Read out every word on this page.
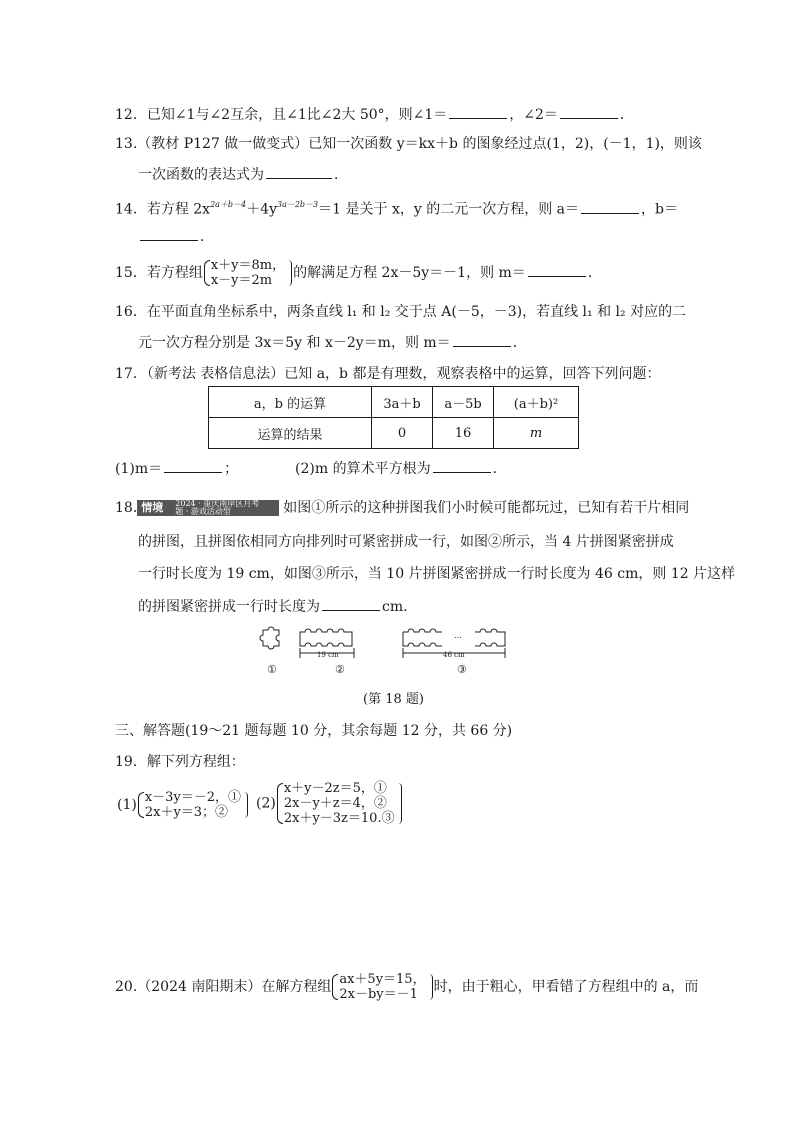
12．已知∠1与∠2互余，且∠1比∠2大 50°，则∠1＝	，∠2＝	．
13.（教材 P127 做一做变式）已知一次函数 y＝kx＋b 的图象经过点(1，2)，(－1，1)，则该
一次函数的表达式为	．
14．若方程 $2x^{2a+b-4}+4y^{3a-2b-3}=1$ 是关于 x，y 的二元一次方程，则 a＝	，b＝
．
15．若方程组 x＋y＝8m，
x－y＝2m	的解满足方程 2x－5y＝－1，则 m＝	．
16．在平面直角坐标系中，两条直线 l₁ 和 l₂ 交于点 A(－5，－3)，若直线 l₁ 和 l₂ 对应的二
元一次方程分别是 3x＝5y 和 x－2y＝m，则 m＝	．
17．（新考法 表格信息法）已知 a，b 都是有理数，观察表格中的运算，回答下列问题：
a，b 的运算	3a＋b	a－5b	(a＋b)²
运算的结果	0	16	m
(1)m＝	；	(2)m 的算术平方根为	．
18. 情境 2024 · 重庆南岸区月考
题 · 游戏活动型	如图①所示的这种拼图我们小时候可能都玩过，已知有若干片相同
的拼图，且拼图依相同方向排列时可紧密拼成一行，如图②所示，当 4 片拼图紧密拼成
一行时长度为 19 cm，如图③所示，当 10 片拼图紧密拼成一行时长度为 46 cm，则 12 片这样
的拼图紧密拼成一行时长度为	cm．
…
19 cm	46 cm
①	②	③
(第 18 题)
三、解答题(19～21 题每题 10 分，其余每题 12 分，共 66 分)
19．解下列方程组：
(1) x－3y＝－2，①
2x＋y＝3；②
(2)
x＋y－2z＝5，①
2x－y＋z＝4，②
2x＋y－3z＝10.③
20.（2024 南阳期末）在解方程组 ax＋5y＝15，
2x－by＝－1	时，由于粗心，甲看错了方程组中的 a，而
